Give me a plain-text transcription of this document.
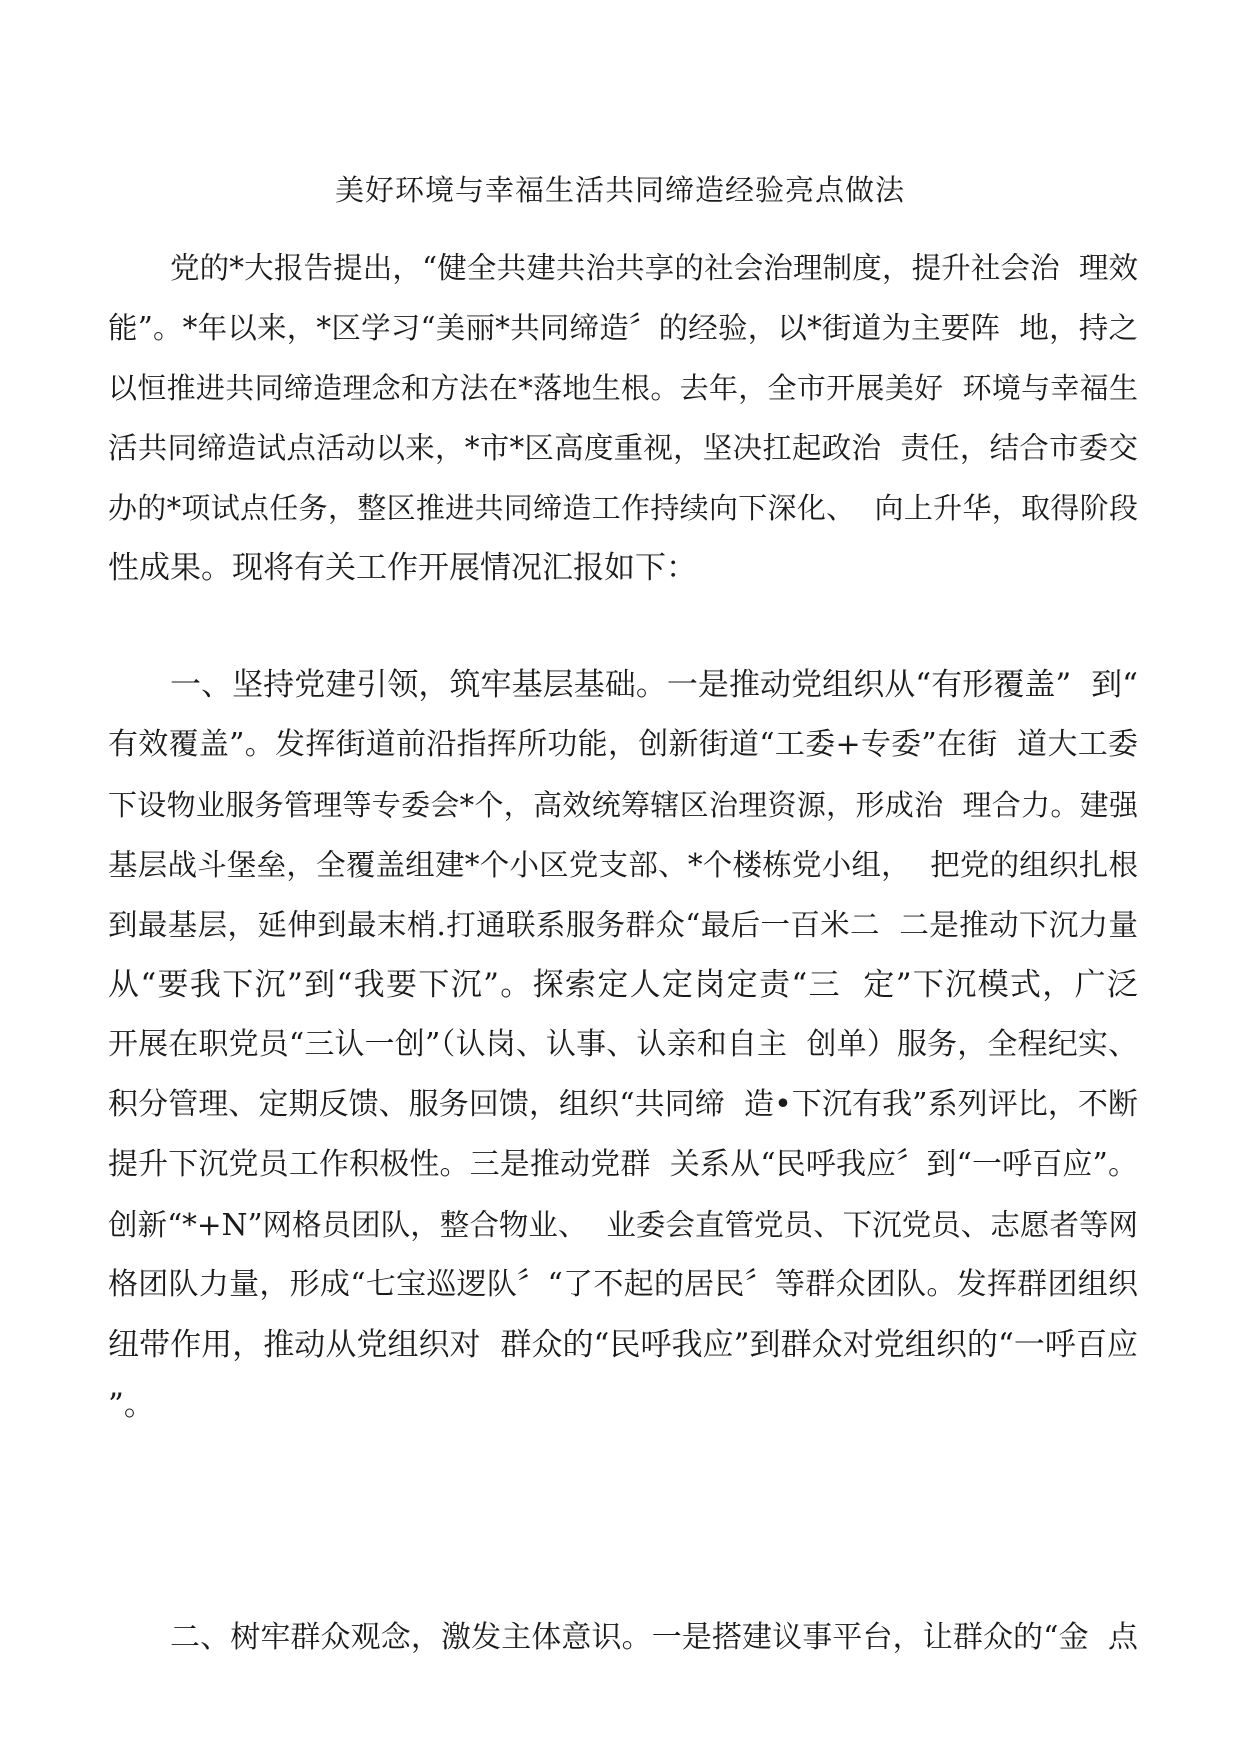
美好环境与幸福生活共同缔造经验亮点做法
党的*大报告提出，“健全共建共治共享的社会治理制度，提升社会治  理效
能”。*年以来，*区学习“美丽*共同缔造〞的经验，以*街道为主要阵  地，持之
以恒推进共同缔造理念和方法在*落地生根。去年，全市开展美好  环境与幸福生
活共同缔造试点活动以来，*市*区高度重视，坚决扛起政治  责任，结合市委交
办的*项试点任务，整区推进共同缔造工作持续向下深化、  向上升华，取得阶段
性成果。现将有关工作开展情况汇报如下：
一、坚持党建引领，筑牢基层基础。一是推动党组织从“有形覆盖”  到“
有效覆盖”。发挥街道前沿指挥所功能，创新街道“工委+专委”在街  道大工委
下设物业服务管理等专委会*个，高效统筹辖区治理资源，形成治  理合力。建强
基层战斗堡垒，全覆盖组建*个小区党支部、*个楼栋党小组，  把党的组织扎根
到最基层，延伸到最末梢.打通联系服务群众“最后一百米二  二是推动下沉力量
从“要我下沉”到“我要下沉”。探索定人定岗定责“三  定”下沉模式，广泛
开展在职党员“三认一创”（认岗、认事、认亲和自主  创单）服务，全程纪实、
积分管理、定期反馈、服务回馈，组织“共同缔  造•下沉有我”系列评比，不断
提升下沉党员工作积极性。三是推动党群  关系从“民呼我应〞到“一呼百应”。
创新“*+N”网格员团队，整合物业、  业委会直管党员、下沉党员、志愿者等网
格团队力量，形成“七宝巡逻队〞“了不起的居民〞等群众团队。发挥群团组织
纽带作用，推动从党组织对  群众的“民呼我应”到群众对党组织的“一呼百应
”。
二、树牢群众观念，激发主体意识。一是搭建议事平台，让群众的“金  点
